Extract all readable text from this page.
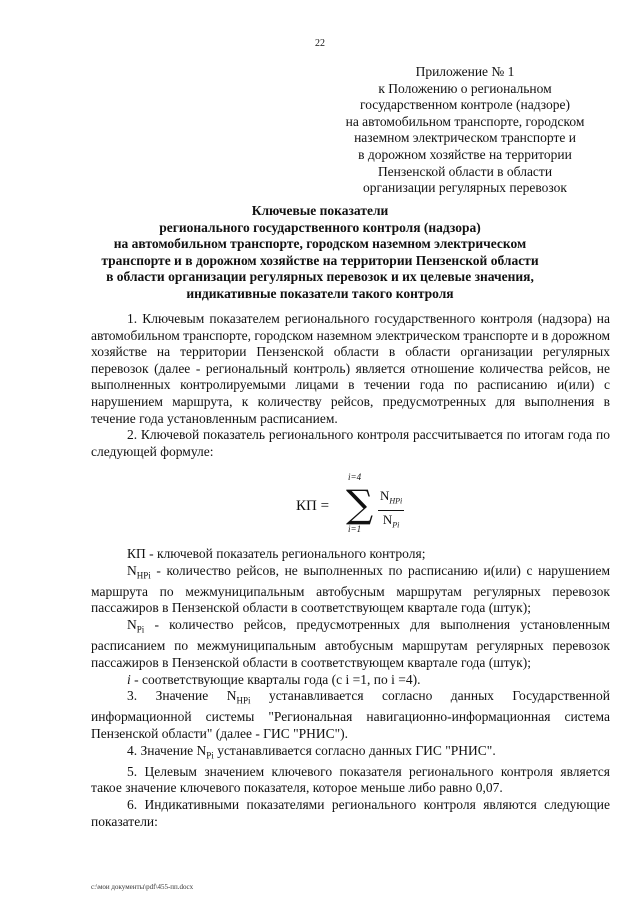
22
Приложение № 1
к Положению о региональном
государственном контроле (надзоре)
на автомобильном транспорте, городском
наземном электрическом транспорте и
в дорожном хозяйстве на территории
Пензенской области в области
организации регулярных перевозок
Ключевые показатели
регионального государственного контроля (надзора)
на автомобильном транспорте, городском наземном электрическом
транспорте и в дорожном хозяйстве на территории Пензенской области
в области организации регулярных перевозок и их целевые значения,
индикативные показатели такого контроля

1. Ключевым показателем регионального государственного контроля (надзора) на автомобильном транспорте, городском наземном электрическом транспорте и в дорожном хозяйстве на территории Пензенской области в области организации регулярных перевозок (далее - региональный контроль) является отношение количества рейсов, не выполненных контролируемыми лицами в течении года по расписанию и(или) с нарушением маршрута, к количеству рейсов, предусмотренных для выполнения в течение года установленным расписанием.

2. Ключевой показатель регионального контроля рассчитывается по итогам года по следующей формуле:

КП =
i=4
∑
i=1
$N_{НРi}$
$N_{Pi}$

КП - ключевой показатель регионального контроля;

$N_{НРi}$ - количество рейсов, не выполненных по расписанию и(или) с нарушением маршрута по межмуниципальным автобусным маршрутам регулярных перевозок пассажиров в Пензенской области в соответствующем квартале года (штук);

$N_{Pi}$ - количество рейсов, предусмотренных для выполнения установленным расписанием по межмуниципальным автобусным маршрутам регулярных перевозок пассажиров в Пензенской области в соответствующем квартале года (штук);

i - соответствующие кварталы года (с i =1, по i =4).

3. Значение $N_{HPi}$ устанавливается согласно данных Государственной информационной системы "Региональная навигационно-информационная система Пензенской области" (далее - ГИС "РНИС").

4. Значение $N_{Pi}$ устанавливается согласно данных ГИС "РНИС".

5. Целевым значением ключевого показателя регионального контроля является такое значение ключевого показателя, которое меньше либо равно 0,07.

6. Индикативными показателями регионального контроля являются следующие показатели:

c:\мои документы\pdf\455-пп.docx
